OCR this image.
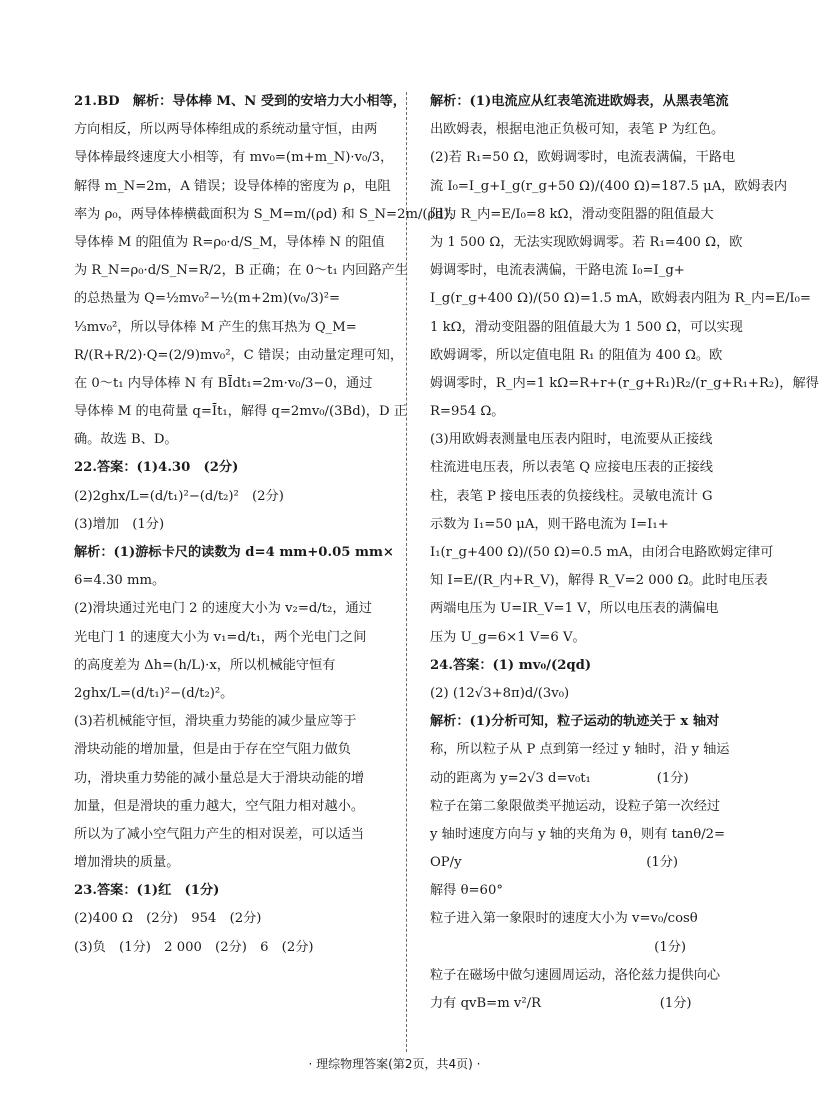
21.BD　解析：导体棒 M、N 受到的安培力大小相等，
方向相反，所以两导体棒组成的系统动量守恒，由两
导体棒最终速度大小相等，有 mv₀=(m+m_N)·v₀/3，
解得 m_N=2m，A 错误；设导体棒的密度为 ρ，电阻
率为 ρ₀，两导体棒横截面积为 S_M=m/(ρd) 和 S_N=2m/(ρd)，
导体棒 M 的阻值为 R=ρ₀·d/S_M，导体棒 N 的阻值
为 R_N=ρ₀·d/S_N=R/2，B 正确；在 0～t₁ 内回路产生
的总热量为 Q=½mv₀²−½(m+2m)(v₀/3)²=
⅓mv₀²，所以导体棒 M 产生的焦耳热为 Q_M=
R/(R+R/2)·Q=(2/9)mv₀²，C 错误；由动量定理可知，
在 0～t₁ 内导体棒 N 有 BĪdt₁=2m·v₀/3−0，通过
导体棒 M 的电荷量 q=Īt₁，解得 q=2mv₀/(3Bd)，D 正
确。故选 B、D。
22.答案：(1)4.30　(2分)
(2)2ghx/L=(d/t₁)²−(d/t₂)²　(2分)
(3)增加　(1分)
解析：(1)游标卡尺的读数为 d=4 mm+0.05 mm×
6=4.30 mm。
(2)滑块通过光电门 2 的速度大小为 v₂=d/t₂，通过
光电门 1 的速度大小为 v₁=d/t₁，两个光电门之间
的高度差为 Δh=(h/L)·x，所以机械能守恒有
2ghx/L=(d/t₁)²−(d/t₂)²。
(3)若机械能守恒，滑块重力势能的减少量应等于
滑块动能的增加量，但是由于存在空气阻力做负
功，滑块重力势能的减小量总是大于滑块动能的增
加量，但是滑块的重力越大，空气阻力相对越小。
所以为了减小空气阻力产生的相对误差，可以适当
增加滑块的质量。
23.答案：(1)红　(1分)
(2)400 Ω　(2分)　954　(2分)
(3)负　(1分)　2 000　(2分)　6　(2分)
解析：(1)电流应从红表笔流进欧姆表，从黑表笔流
出欧姆表，根据电池正负极可知，表笔 P 为红色。
(2)若 R₁=50 Ω，欧姆调零时，电流表满偏，干路电
流 I₀=I_g+I_g(r_g+50 Ω)/(400 Ω)=187.5 μA，欧姆表内
阻为 R_内=E/I₀=8 kΩ，滑动变阻器的阻值最大
为 1 500 Ω，无法实现欧姆调零。若 R₁=400 Ω，欧
姆调零时，电流表满偏，干路电流 I₀=I_g+
I_g(r_g+400 Ω)/(50 Ω)=1.5 mA，欧姆表内阻为 R_内=E/I₀=
1 kΩ，滑动变阻器的阻值最大为 1 500 Ω，可以实现
欧姆调零，所以定值电阻 R₁ 的阻值为 400 Ω。欧
姆调零时，R_内=1 kΩ=R+r+(r_g+R₁)R₂/(r_g+R₁+R₂)，解得
R=954 Ω。
(3)用欧姆表测量电压表内阻时，电流要从正接线
柱流进电压表，所以表笔 Q 应接电压表的正接线
柱，表笔 P 接电压表的负接线柱。灵敏电流计 G
示数为 I₁=50 μA，则干路电流为 I=I₁+
I₁(r_g+400 Ω)/(50 Ω)=0.5 mA，由闭合电路欧姆定律可
知 I=E/(R_内+R_V)，解得 R_V=2 000 Ω。此时电压表
两端电压为 U=IR_V=1 V，所以电压表的满偏电
压为 U_g=6×1 V=6 V。
24.答案：(1) mv₀/(2qd)
(2) (12√3+8π)d/(3v₀)
解析：(1)分析可知，粒子运动的轨迹关于 x 轴对
称，所以粒子从 P 点到第一经过 y 轴时，沿 y 轴运
动的距离为 y=2√3 d=v₀t₁　　　　　(1分)
粒子在第二象限做类平抛运动，设粒子第一次经过
y 轴时速度方向与 y 轴的夹角为 θ，则有 tanθ/2=
OP/y　　　　　　　　　　　　　　(1分)
解得 θ=60°
粒子进入第一象限时的速度大小为 v=v₀/cosθ
　　　　　　　　　　　　　　　　　(1分)
粒子在磁场中做匀速圆周运动，洛伦兹力提供向心
力有 qvB=m v²/R　　　　　　　　　(1分)
· 理综物理答案(第2页，共4页) ·
